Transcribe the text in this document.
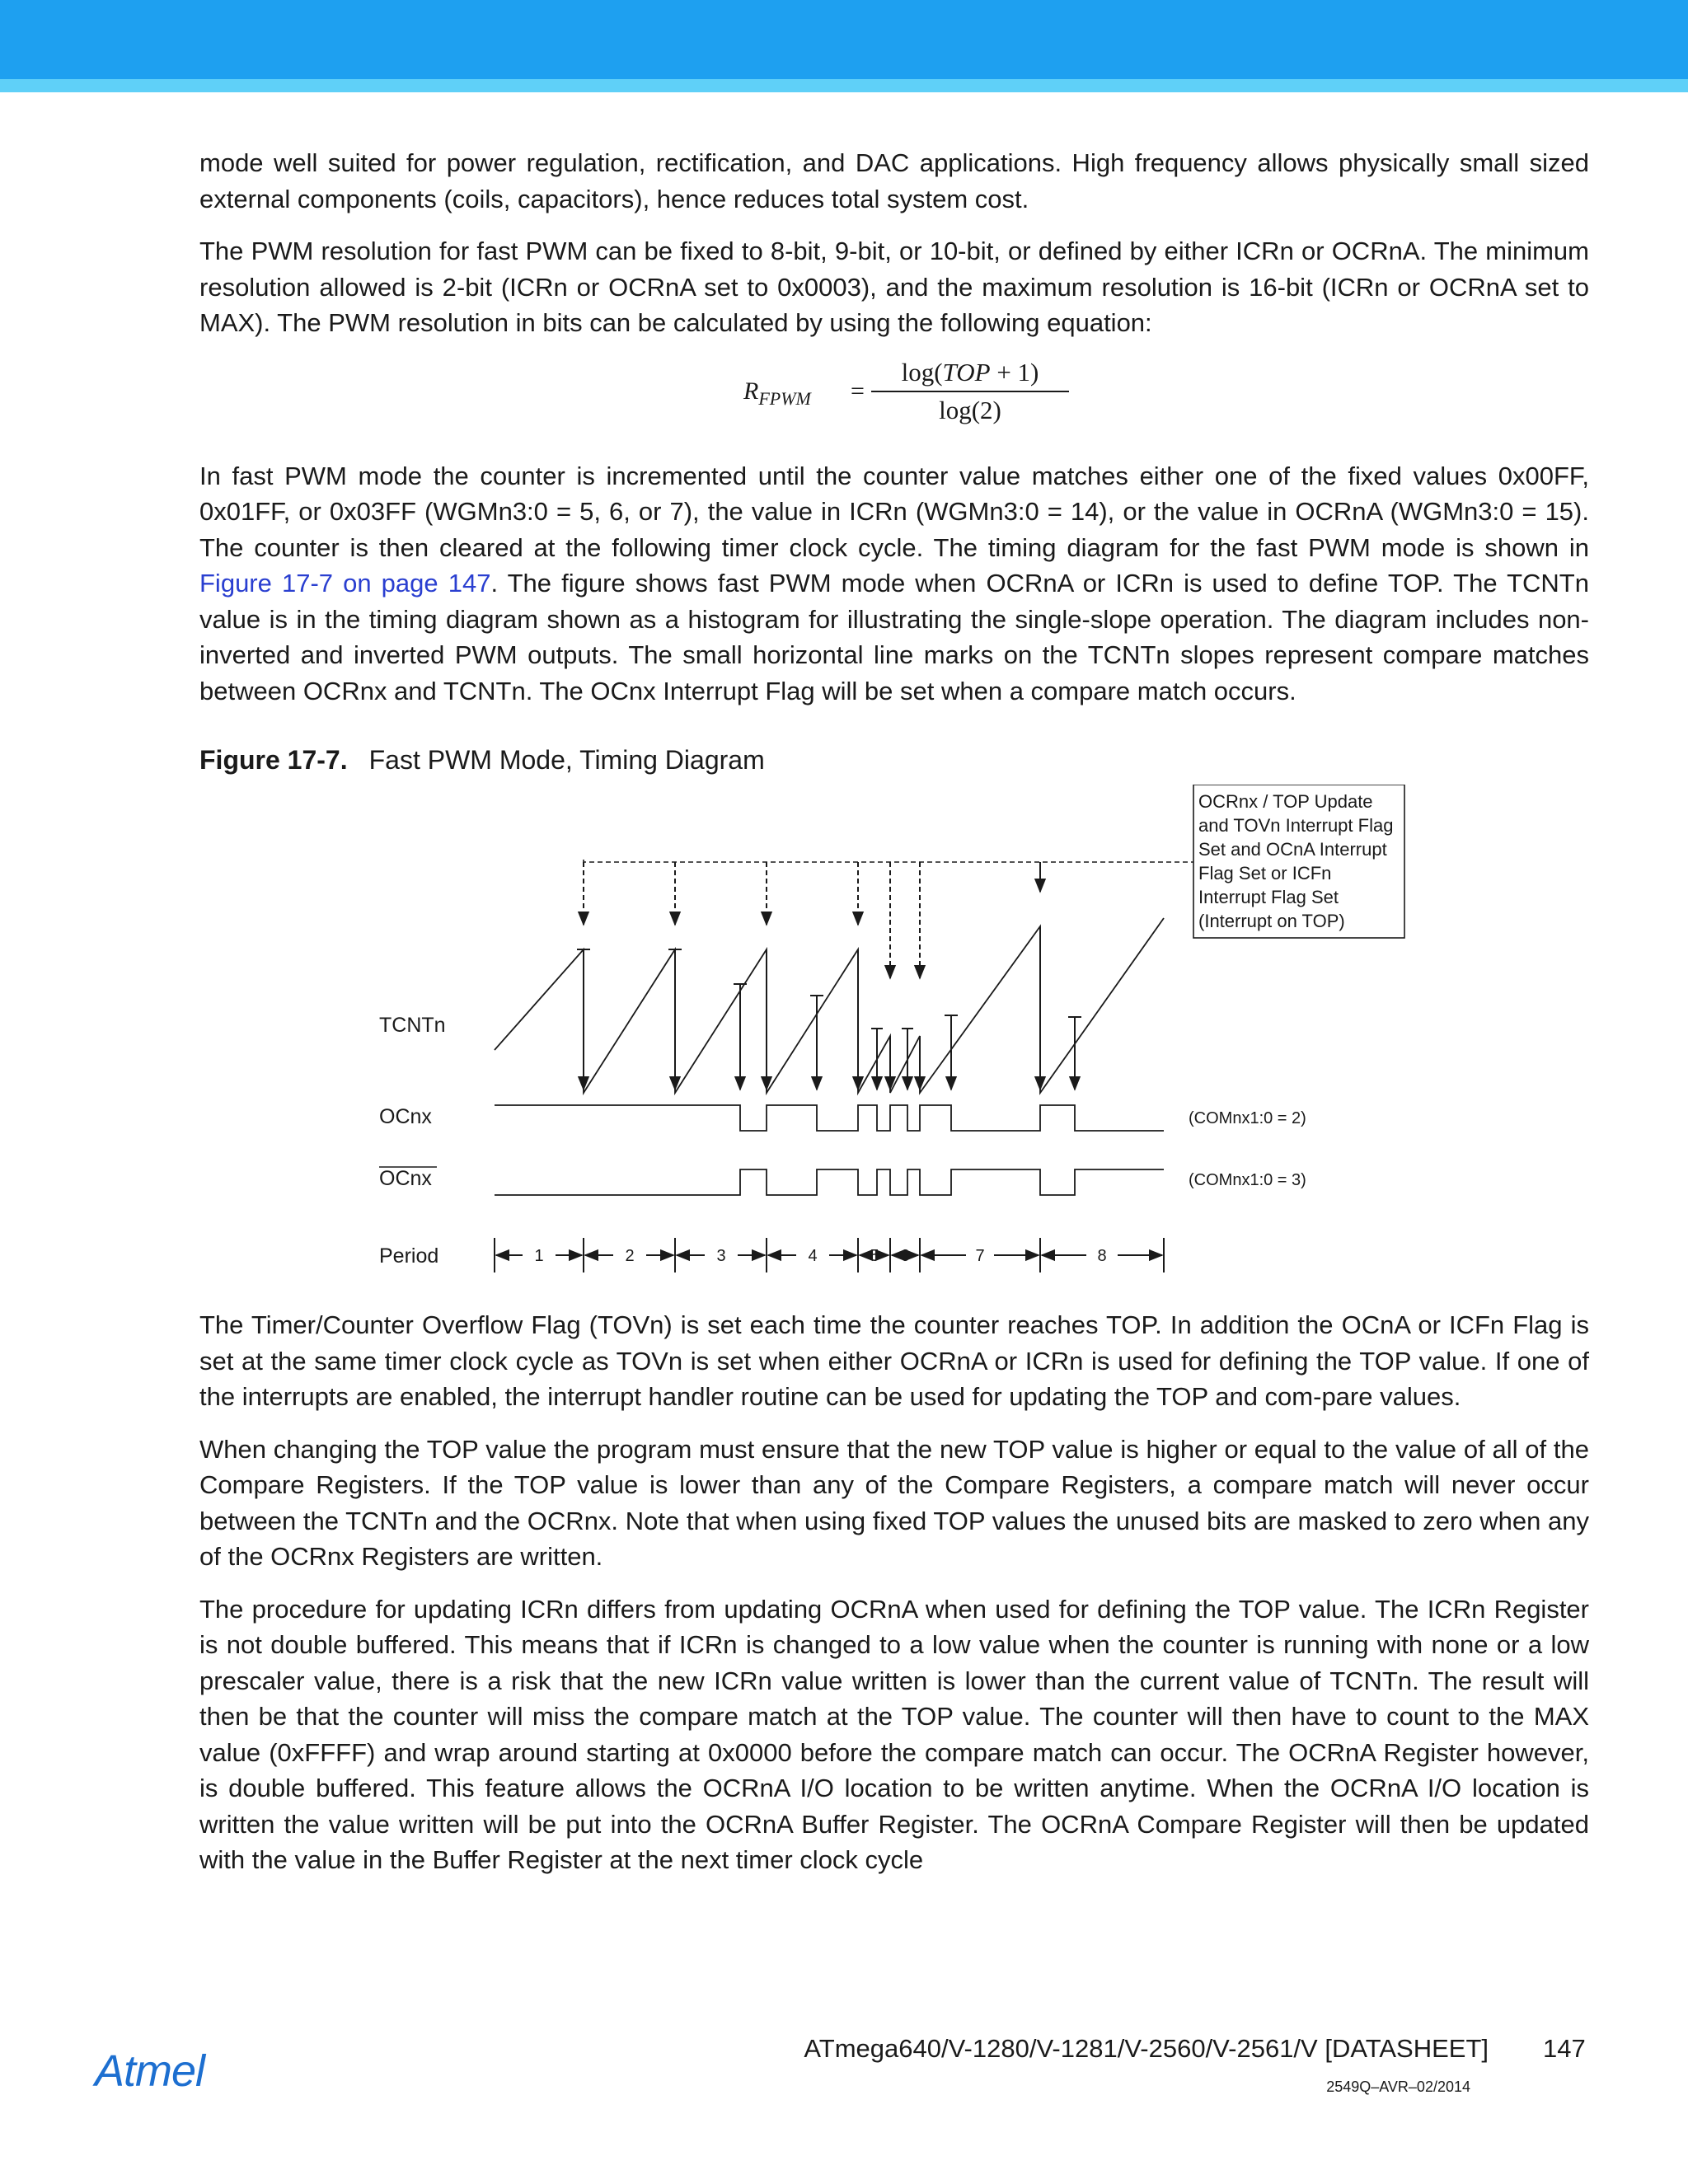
mode well suited for power regulation, rectification, and DAC applications. High frequency allows physically small sized external components (coils, capacitors), hence reduces total system cost.

The PWM resolution for fast PWM can be fixed to 8-bit, 9-bit, or 10-bit, or defined by either ICRn or OCRnA. The minimum resolution allowed is 2-bit (ICRn or OCRnA set to 0x0003), and the maximum resolution is 16-bit (ICRn or OCRnA set to MAX). The PWM resolution in bits can be calculated by using the following equation:

$R_{FPWM}$ =
log(TOP + 1)
log(2)

In fast PWM mode the counter is incremented until the counter value matches either one of the fixed values 0x00FF, 0x01FF, or 0x03FF (WGMn3:0 = 5, 6, or 7), the value in ICRn (WGMn3:0 = 14), or the value in OCRnA (WGMn3:0 = 15). The counter is then cleared at the following timer clock cycle. The timing diagram for the fast PWM mode is shown in Figure 17-7 on page 147. The figure shows fast PWM mode when OCRnA or ICRn is used to define TOP. The TCNTn value is in the timing diagram shown as a histogram for illustrating the single-slope operation. The diagram includes non-inverted and inverted PWM outputs. The small horizontal line marks on the TCNTn slopes represent compare matches between OCRnx and TCNTn. The OCnx Interrupt Flag will be set when a compare match occurs.

Figure 17-7. Fast PWM Mode, Timing Diagram
OCRnx / TOP Update
and TOVn Interrupt Flag
Set and OCnA Interrupt
Flag Set or ICFn
Interrupt Flag Set
(Interrupt on TOP)
TCNTn
OCnx
OCnx
Period
(COMnx1:0 = 2)
(COMnx1:0 = 3)
1	2	3	4	5 6	7	8

The Timer/Counter Overflow Flag (TOVn) is set each time the counter reaches TOP. In addition the OCnA or ICFn Flag is set at the same timer clock cycle as TOVn is set when either OCRnA or ICRn is used for defining the TOP value. If one of the interrupts are enabled, the interrupt handler routine can be used for updating the TOP and com-pare values.

When changing the TOP value the program must ensure that the new TOP value is higher or equal to the value of all of the Compare Registers. If the TOP value is lower than any of the Compare Registers, a compare match will never occur between the TCNTn and the OCRnx. Note that when using fixed TOP values the unused bits are masked to zero when any of the OCRnx Registers are written.

The procedure for updating ICRn differs from updating OCRnA when used for defining the TOP value. The ICRn Register is not double buffered. This means that if ICRn is changed to a low value when the counter is running with none or a low prescaler value, there is a risk that the new ICRn value written is lower than the current value of TCNTn. The result will then be that the counter will miss the compare match at the TOP value. The counter will then have to count to the MAX value (0xFFFF) and wrap around starting at 0x0000 before the compare match can occur. The OCRnA Register however, is double buffered. This feature allows the OCRnA I/O location to be written anytime. When the OCRnA I/O location is written the value written will be put into the OCRnA Buffer Register. The OCRnA Compare Register will then be updated with the value in the Buffer Register at the next timer clock cycle

Atmel	ATmega640/V-1280/V-1281/V-2560/V-2561/V [DATASHEET] 147
2549Q–AVR–02/2014
